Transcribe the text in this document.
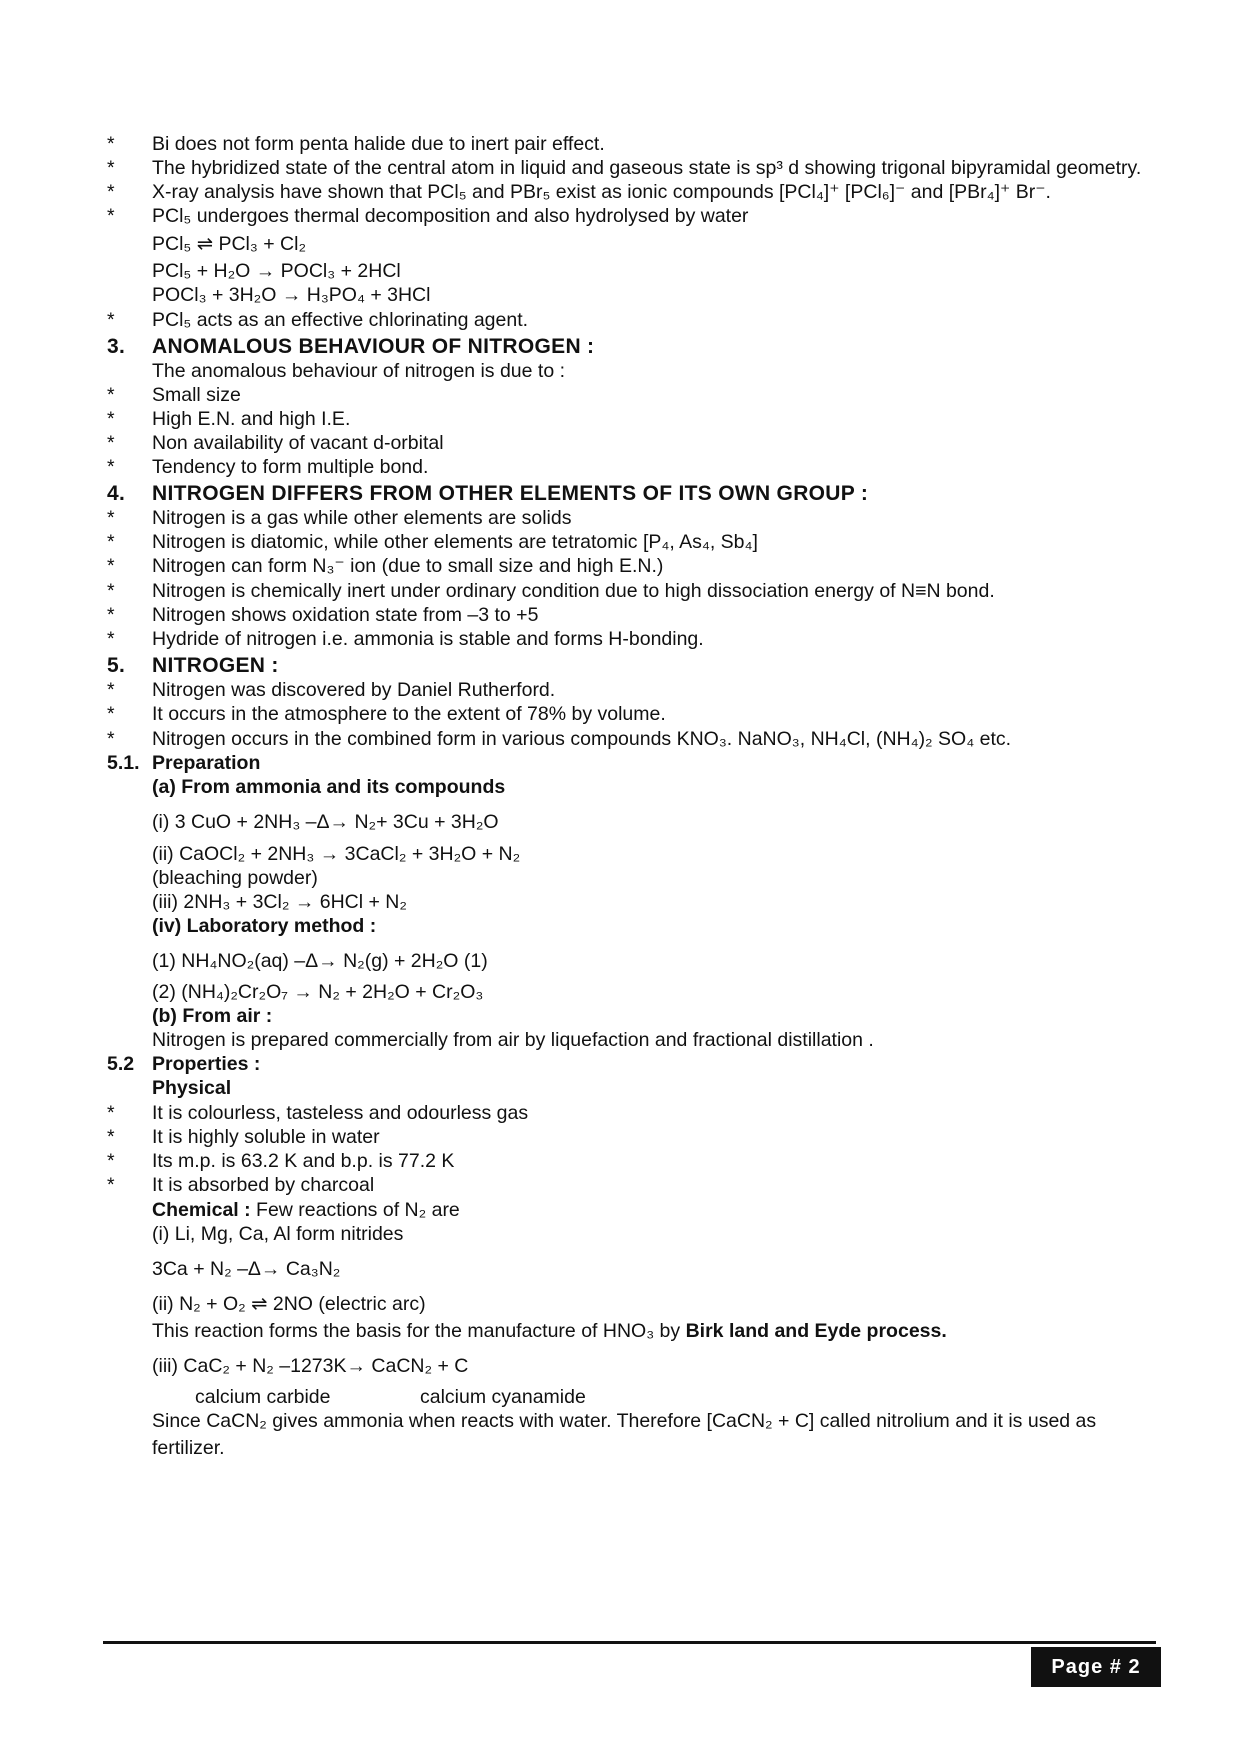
*	Bi does not form penta halide due to inert pair effect.
*	The hybridized state of the central atom in liquid and gaseous state is sp³ d showing trigonal bipyramidal geometry.
*	X-ray analysis have shown that PCl₅ and PBr₅ exist as ionic compounds [PCl₄]⁺ [PCl₆]⁻ and [PBr₄]⁺ Br⁻.
*	PCl₅ undergoes thermal decomposition and also hydrolysed by water
PCl₅ ⇌ PCl₃ + Cl₂
PCl₅ + H₂O → POCl₃ + 2HCl
POCl₃ + 3H₂O → H₃PO₄ + 3HCl
*	PCl₅ acts as an effective chlorinating agent.
3.	ANOMALOUS BEHAVIOUR OF NITROGEN :
The anomalous behaviour of nitrogen is due to :
*	Small size
*	High E.N. and high I.E.
*	Non availability of vacant d-orbital
*	Tendency to form multiple bond.
4.	NITROGEN DIFFERS FROM OTHER ELEMENTS OF ITS OWN GROUP :
*	Nitrogen is a gas while other elements are solids
*	Nitrogen is diatomic, while other elements are tetratomic [P₄, As₄, Sb₄]
*	Nitrogen can form N₃⁻ ion (due to small size and high E.N.)
*	Nitrogen is chemically inert under ordinary condition due to high dissociation energy of N≡N bond.
*	Nitrogen shows oxidation state from –3 to +5
*	Hydride of nitrogen i.e. ammonia is stable and forms H-bonding.
5.	NITROGEN :
*	Nitrogen was discovered by Daniel Rutherford.
*	It occurs in the atmosphere to the extent of 78% by volume.
*	Nitrogen occurs in the combined form in various compounds KNO₃. NaNO₃, NH₄Cl, (NH₄)₂ SO₄ etc.
5.1. Preparation
(a) From ammonia and its compounds
(i) 3 CuO + 2NH₃ –Δ→ N₂+ 3Cu + 3H₂O
(ii) CaOCl₂ + 2NH₃ → 3CaCl₂ + 3H₂O + N₂
(bleaching powder)
(iii) 2NH₃ + 3Cl₂ → 6HCl + N₂
(iv) Laboratory method :
(1) NH₄NO₂(aq) –Δ→ N₂(g) + 2H₂O (1)
(2) (NH₄)₂Cr₂O₇ → N₂ + 2H₂O + Cr₂O₃
(b) From air :
Nitrogen is prepared commercially from air by liquefaction and fractional distillation .
5.2 Properties :
Physical
*	It is colourless, tasteless and odourless gas
*	It is highly soluble in water
*	Its m.p. is 63.2 K and b.p. is 77.2 K
*	It is absorbed by charcoal
Chemical : Few reactions of N₂ are
(i) Li, Mg, Ca, Al form nitrides
3Ca + N₂ –Δ→ Ca₃N₂
(ii) N₂ + O₂ ⇌ 2NO (electric arc)
This reaction forms the basis for the manufacture of HNO₃ by Birk land and Eyde process.
(iii) CaC₂ + N₂ –1273K→ CaCN₂ + C
calcium carbide	calcium cyanamide
Since CaCN₂ gives ammonia when reacts with water. Therefore [CaCN₂ + C] called nitrolium and it is used as fertilizer.
Page # 2
